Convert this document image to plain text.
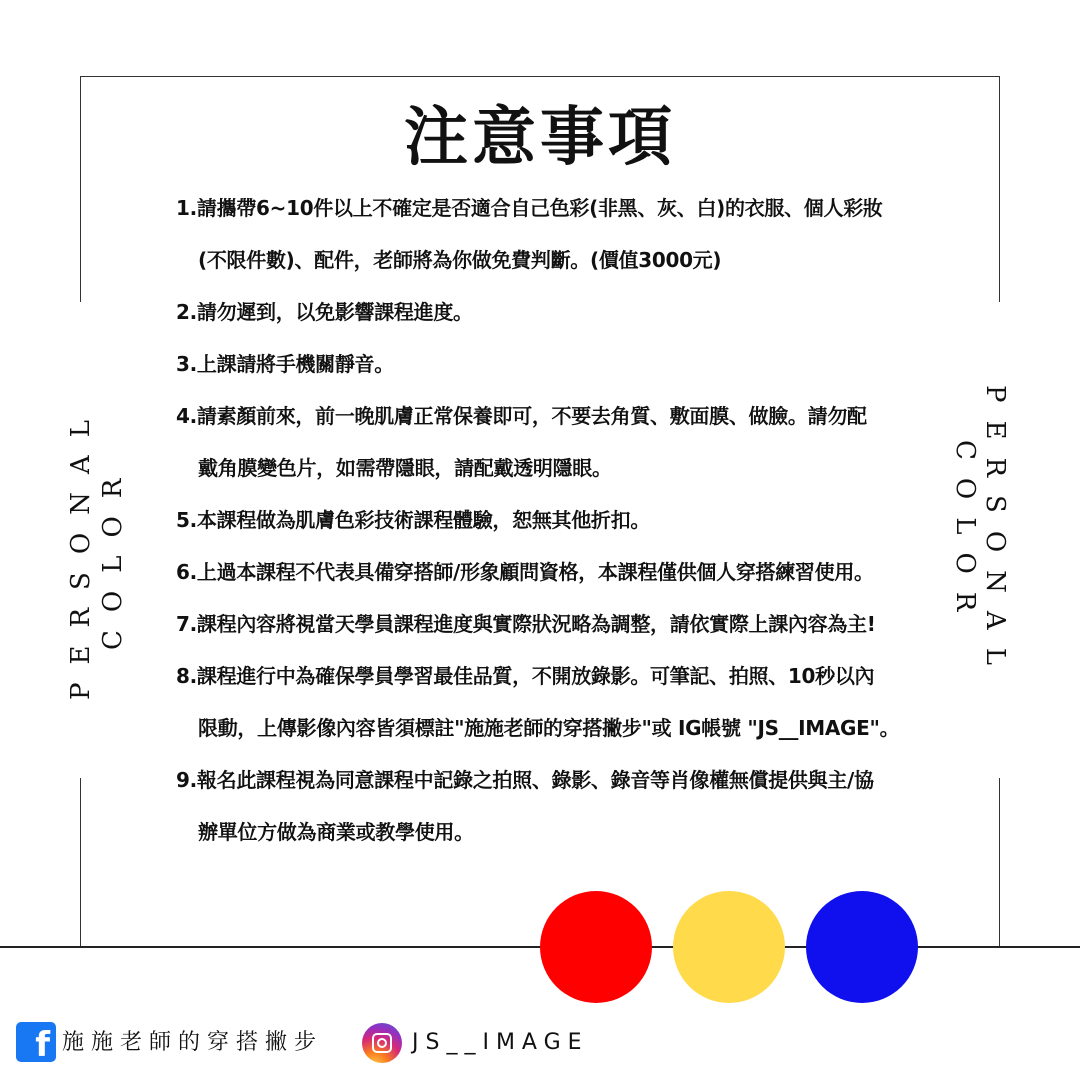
注意事項
1.請攜帶6~10件以上不確定是否適合自己色彩(非黑、灰、白)的衣服、個人彩妝
(不限件數)、配件，老師將為你做免費判斷。(價值3000元)
2.請勿遲到，以免影響課程進度。
3.上課請將手機關靜音。
4.請素顏前來，前一晚肌膚正常保養即可，不要去角質、敷面膜、做臉。請勿配
戴角膜變色片，如需帶隱眼，請配戴透明隱眼。
5.本課程做為肌膚色彩技術課程體驗，恕無其他折扣。
6.上過本課程不代表具備穿搭師/形象顧問資格，本課程僅供個人穿搭練習使用。
7.課程內容將視當天學員課程進度與實際狀況略為調整，請依實際上課內容為主!
8.課程進行中為確保學員學習最佳品質，不開放錄影。可筆記、拍照、10秒以內
限動，上傳影像內容皆須標註"施施老師的穿搭撇步"或 IG帳號 "JS__IMAGE"。
9.報名此課程視為同意課程中記錄之拍照、錄影、錄音等肖像權無償提供與主/協
辦單位方做為商業或教學使用。
PERSONAL COLOR	PERSONAL
COLOR
f 施施老師的穿搭撇步	JS__IMAGE
